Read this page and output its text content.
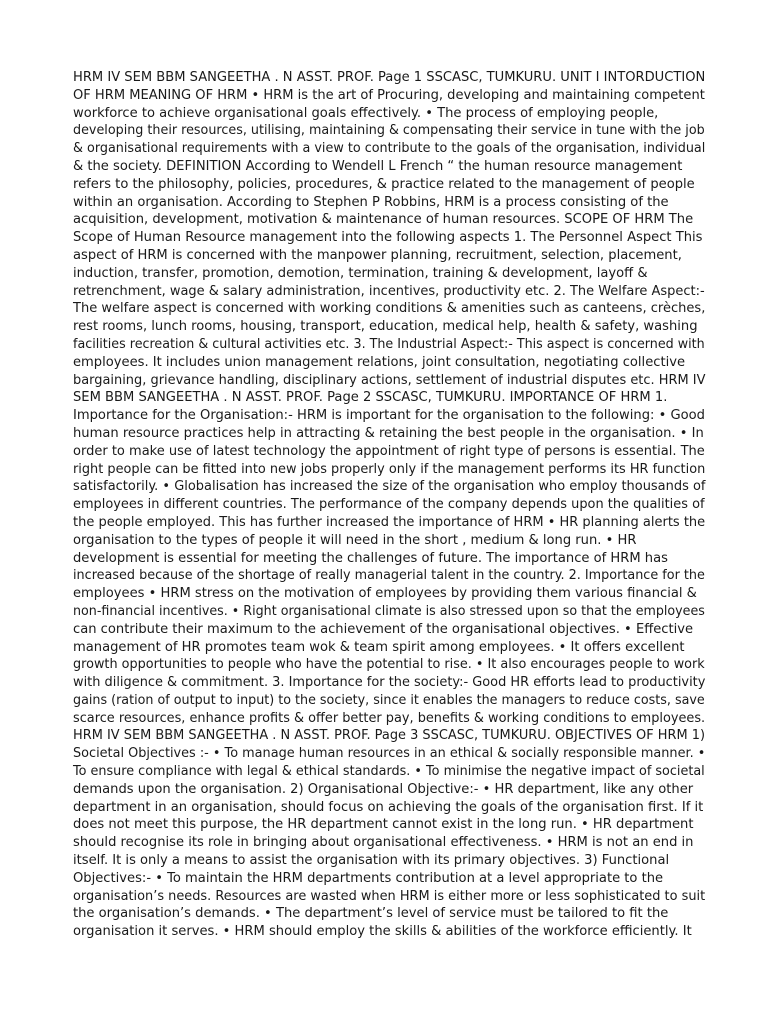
HRM IV SEM BBM SANGEETHA . N ASST. PROF. Page 1 SSCASC, TUMKURU. UNIT I INTORDUCTION
OF HRM MEANING OF HRM • HRM is the art of Procuring, developing and maintaining competent
workforce to achieve organisational goals effectively. • The process of employing people,
developing their resources, utilising, maintaining & compensating their service in tune with the job
& organisational requirements with a view to contribute to the goals of the organisation, individual
& the society. DEFINITION According to Wendell L French “ the human resource management
refers to the philosophy, policies, procedures, & practice related to the management of people
within an organisation. According to Stephen P Robbins, HRM is a process consisting of the
acquisition, development, motivation & maintenance of human resources. SCOPE OF HRM The
Scope of Human Resource management into the following aspects 1. The Personnel Aspect This
aspect of HRM is concerned with the manpower planning, recruitment, selection, placement,
induction, transfer, promotion, demotion, termination, training & development, layoff &
retrenchment, wage & salary administration, incentives, productivity etc. 2. The Welfare Aspect:-
The welfare aspect is concerned with working conditions & amenities such as canteens, crèches,
rest rooms, lunch rooms, housing, transport, education, medical help, health & safety, washing
facilities recreation & cultural activities etc. 3. The Industrial Aspect:- This aspect is concerned with
employees. It includes union management relations, joint consultation, negotiating collective
bargaining, grievance handling, disciplinary actions, settlement of industrial disputes etc. HRM IV
SEM BBM SANGEETHA . N ASST. PROF. Page 2 SSCASC, TUMKURU. IMPORTANCE OF HRM 1.
Importance for the Organisation:- HRM is important for the organisation to the following: • Good
human resource practices help in attracting & retaining the best people in the organisation. • In
order to make use of latest technology the appointment of right type of persons is essential. The
right people can be fitted into new jobs properly only if the management performs its HR function
satisfactorily. • Globalisation has increased the size of the organisation who employ thousands of
employees in different countries. The performance of the company depends upon the qualities of
the people employed. This has further increased the importance of HRM • HR planning alerts the
organisation to the types of people it will need in the short , medium & long run. • HR
development is essential for meeting the challenges of future. The importance of HRM has
increased because of the shortage of really managerial talent in the country. 2. Importance for the
employees • HRM stress on the motivation of employees by providing them various financial &
non-financial incentives. • Right organisational climate is also stressed upon so that the employees
can contribute their maximum to the achievement of the organisational objectives. • Effective
management of HR promotes team wok & team spirit among employees. • It offers excellent
growth opportunities to people who have the potential to rise. • It also encourages people to work
with diligence & commitment. 3. Importance for the society:- Good HR efforts lead to productivity
gains (ration of output to input) to the society, since it enables the managers to reduce costs, save
scarce resources, enhance profits & offer better pay, benefits & working conditions to employees.
HRM IV SEM BBM SANGEETHA . N ASST. PROF. Page 3 SSCASC, TUMKURU. OBJECTIVES OF HRM 1)
Societal Objectives :- • To manage human resources in an ethical & socially responsible manner. •
To ensure compliance with legal & ethical standards. • To minimise the negative impact of societal
demands upon the organisation. 2) Organisational Objective:- • HR department, like any other
department in an organisation, should focus on achieving the goals of the organisation first. If it
does not meet this purpose, the HR department cannot exist in the long run. • HR department
should recognise its role in bringing about organisational effectiveness. • HRM is not an end in
itself. It is only a means to assist the organisation with its primary objectives. 3) Functional
Objectives:- • To maintain the HRM departments contribution at a level appropriate to the
organisation’s needs. Resources are wasted when HRM is either more or less sophisticated to suit
the organisation’s demands. • The department’s level of service must be tailored to fit the
organisation it serves. • HRM should employ the skills & abilities of the workforce efficiently. It
